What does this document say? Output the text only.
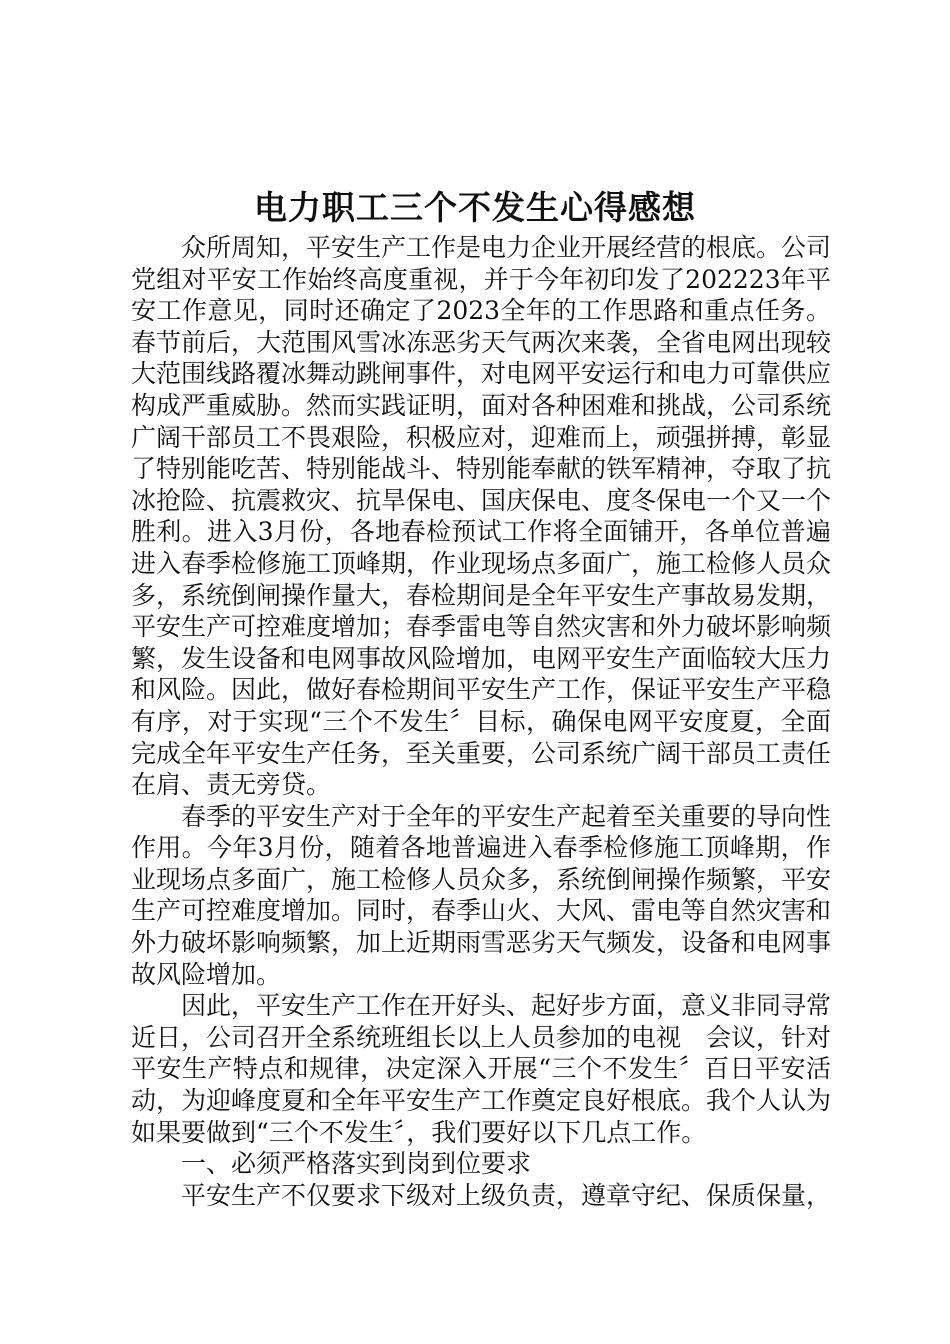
电力职工三个不发生心得感想

众所周知，平安生产工作是电力企业开展经营的根底。公司党组对平安工作始终高度重视，并于今年初印发了202223年平安工作意见，同时还确定了2023全年的工作思路和重点任务。春节前后，大范围风雪冰冻恶劣天气两次来袭，全省电网出现较大范围线路覆冰舞动跳闸事件，对电网平安运行和电力可靠供应构成严重威胁。然而实践证明，面对各种困难和挑战，公司系统广阔干部员工不畏艰险，积极应对，迎难而上，顽强拼搏，彰显了特别能吃苦、特别能战斗、特别能奉献的铁军精神，夺取了抗冰抢险、抗震救灾、抗旱保电、国庆保电、度冬保电一个又一个胜利。进入3月份，各地春检预试工作将全面铺开，各单位普遍进入春季检修施工顶峰期，作业现场点多面广，施工检修人员众多，系统倒闸操作量大，春检期间是全年平安生产事故易发期，平安生产可控难度增加；春季雷电等自然灾害和外力破坏影响频繁，发生设备和电网事故风险增加，电网平安生产面临较大压力和风险。因此，做好春检期间平安生产工作，保证平安生产平稳有序，对于实现“三个不发生〞目标，确保电网平安度夏，全面完成全年平安生产任务，至关重要，公司系统广阔干部员工责任在肩、责无旁贷。

春季的平安生产对于全年的平安生产起着至关重要的导向性作用。今年3月份，随着各地普遍进入春季检修施工顶峰期，作业现场点多面广，施工检修人员众多，系统倒闸操作频繁，平安生产可控难度增加。同时，春季山火、大风、雷电等自然灾害和外力破坏影响频繁，加上近期雨雪恶劣天气频发，设备和电网事故风险增加。

因此，平安生产工作在开好头、起好步方面，意义非同寻常近日，公司召开全系统班组长以上人员参加的电视　会议，针对平安生产特点和规律，决定深入开展“三个不发生〞百日平安活动，为迎峰度夏和全年平安生产工作奠定良好根底。我个人认为如果要做到“三个不发生〞，我们要好以下几点工作。

一、必须严格落实到岗到位要求

平安生产不仅要求下级对上级负责，遵章守纪、保质保量，
